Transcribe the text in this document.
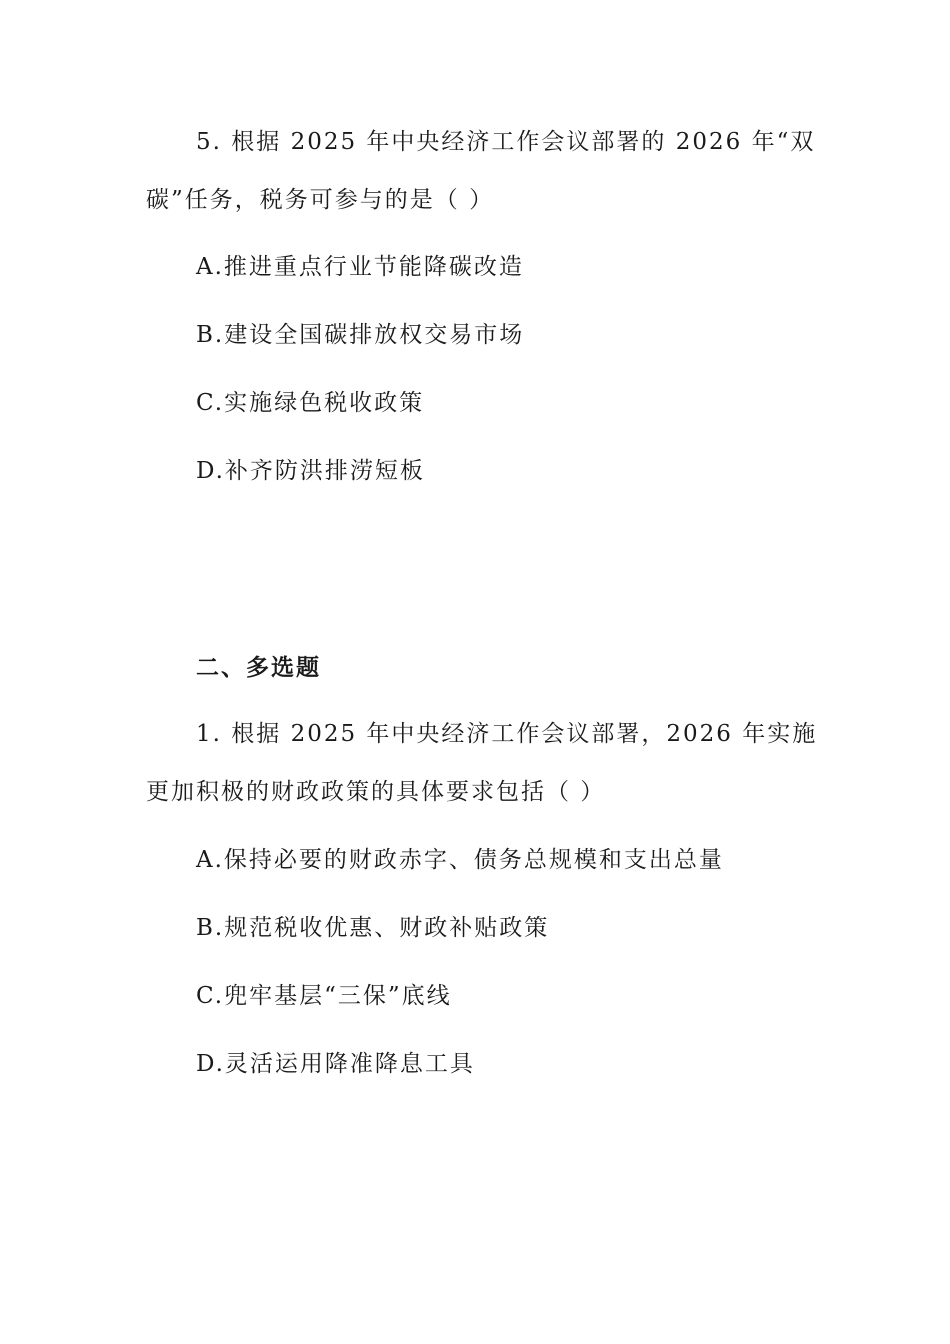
5. 根据 2025 年中央经济工作会议部署的 2026 年“双
碳”任务，税务可参与的是（ ）
A.推进重点行业节能降碳改造
B.建设全国碳排放权交易市场
C.实施绿色税收政策
D.补齐防洪排涝短板
二、多选题
1. 根据 2025 年中央经济工作会议部署，2026 年实施
更加积极的财政政策的具体要求包括（ ）
A.保持必要的财政赤字、债务总规模和支出总量
B.规范税收优惠、财政补贴政策
C.兜牢基层“三保”底线
D.灵活运用降准降息工具
